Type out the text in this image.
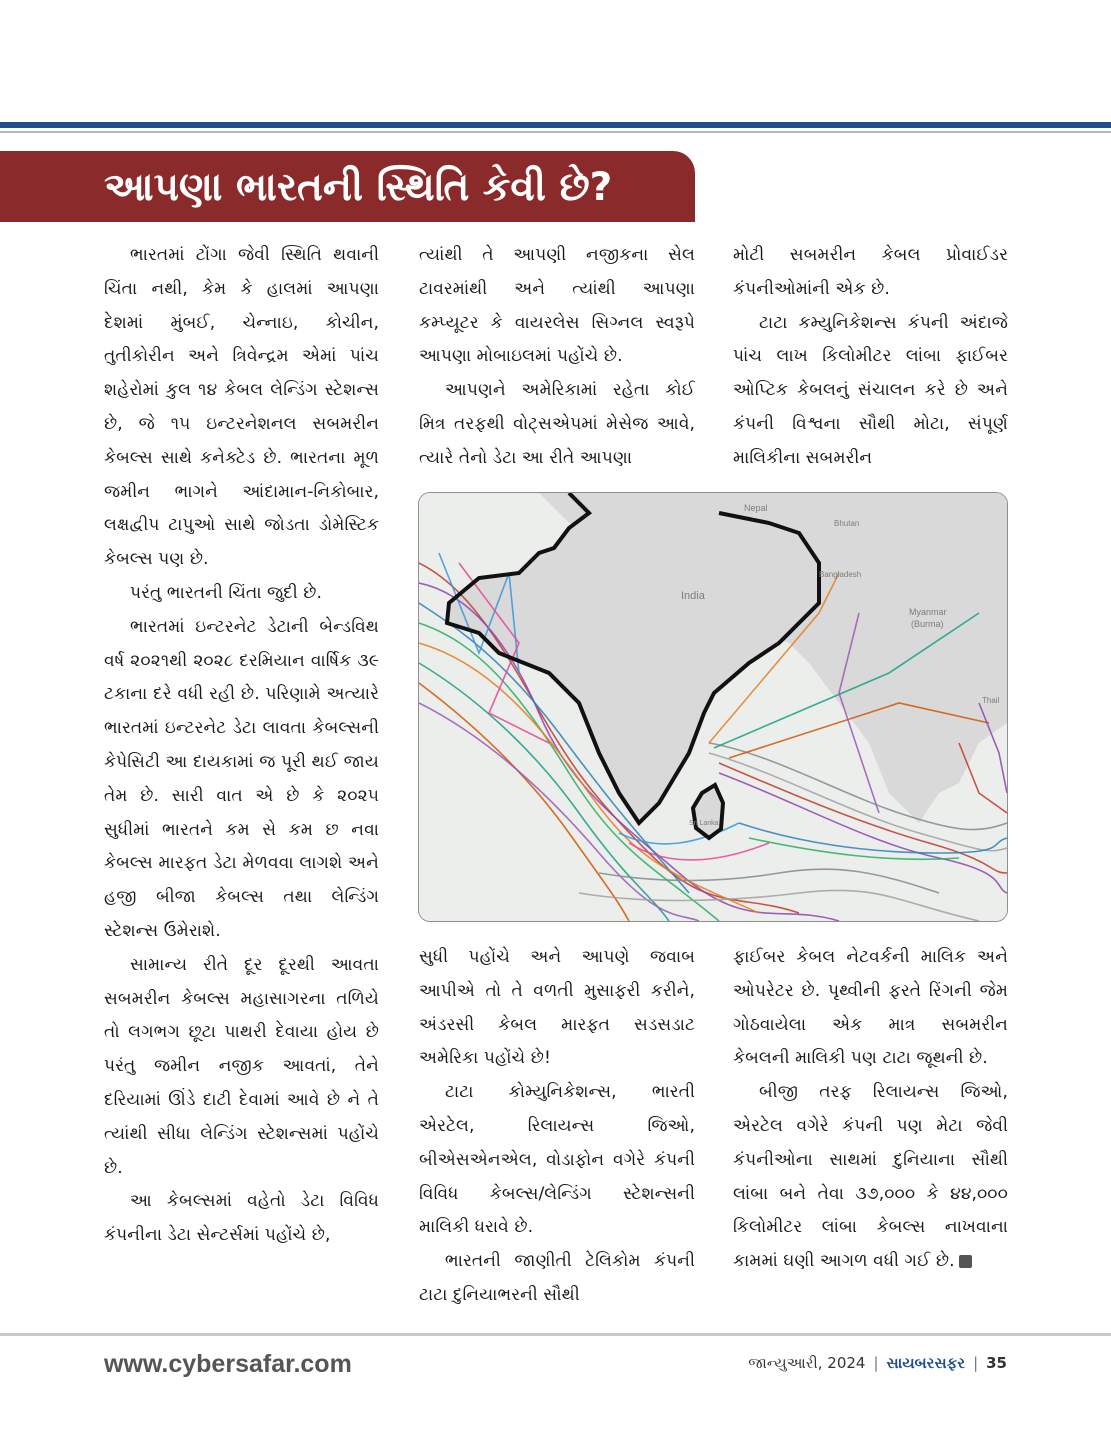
આપણા ભારતની સ્થિતિ કેવી છે?

ભારતમાં ટોંગા જેવી સ્થિતિ થવાની ચિંતા નથી, કેમ કે હાલમાં આપણા દેશમાં મુંબઈ, ચેન્નાઇ, કોચીન, તુતીકોરીન અને ત્રિવેન્દ્રમ એમાં પાંચ શહેરોમાં કુલ ૧૪ કેબલ લેન્ડિંગ સ્ટેશન્સ છે, જે ૧૫ ઇન્ટરનેશનલ સબમરીન કેબલ્સ સાથે કનેક્ટેડ છે. ભારતના મૂળ જમીન ભાગને આંદામાન-નિકોબાર, લક્ષદ્વીપ ટાપુઓ સાથે જોડતા ડોમેસ્ટિક કેબલ્સ પણ છે.

પરંતુ ભારતની ચિંતા જુદી છે.

ભારતમાં ઇન્ટરનેટ ડેટાની બેન્ડવિથ વર્ષ ૨૦૨૧થી ૨૦૨૮ દરમિયાન વાર્ષિક ૩૯ ટકાના દરે વધી રહી છે. પરિણામે અત્યારે ભારતમાં ઇન્ટરનેટ ડેટા લાવતા કેબલ્સની કેપેસિટી આ દાયકામાં જ પૂરી થઈ જાય તેમ છે. સારી વાત એ છે કે ૨૦૨૫ સુધીમાં ભારતને કમ સે કમ છ નવા કેબલ્સ મારફત ડેટા મેળવવા લાગશે અને હજી બીજા કેબલ્સ તથા લેન્ડિંગ સ્ટેશન્સ ઉમેરાશે.

સામાન્ય રીતે દૂર દૂરથી આવતા સબમરીન કેબલ્સ મહાસાગરના તળિયે તો લગભગ છૂટા પાથરી દેવાયા હોય છે પરંતુ જમીન નજીક આવતાં, તેને દરિયામાં ઊંડે દાટી દેવામાં આવે છે ને તે ત્યાંથી સીધા લેન્ડિંગ સ્ટેશન્સમાં પહોંચે છે.

આ કેબલ્સમાં વહેતો ડેટા વિવિધ કંપનીના ડેટા સેન્ટર્સમાં પહોંચે છે,

ત્યાંથી તે આપણી નજીકના સેલ ટાવરમાંથી અને ત્યાંથી આપણા કમ્પ્યૂટર કે વાયરલેસ સિગ્નલ સ્વરૂપે આપણા મોબાઇલમાં પહોંચે છે.

આપણને અમેરિકામાં રહેતા કોઈ મિત્ર તરફથી વોટ્સએપમાં મેસેજ આવે, ત્યારે તેનો ડેટા આ રીતે આપણા

મોટી સબમરીન કેબલ પ્રોવાઈડર કંપનીઓમાંની એક છે.

ટાટા કમ્યુનિકેશન્સ કંપની અંદાજે પાંચ લાખ કિલોમીટર લાંબા ફાઈબર ઓપ્ટિક કેબલનું સંચાલન કરે છે અને કંપની વિશ્વના સૌથી મોટા, સંપૂર્ણ માલિકીના સબમરીન

India
Nepal
Bhutan
Bangladesh
Myanmar
(Burma)
Thail
Sri Lanka

સુધી પહોંચે અને આપણે જવાબ આપીએ તો તે વળતી મુસાફરી કરીને, અંડરસી કેબલ મારફત સડસડાટ અમેરિકા પહોંચે છે!

ટાટા કોમ્યુનિકેશન્સ, ભારતી એરટેલ, રિલાયન્સ જિઓ, બીએસએનએલ, વોડાફોન વગેરે કંપની વિવિધ કેબલ્સ/લેન્ડિંગ સ્ટેશન્સની માલિકી ધરાવે છે.

ભારતની જાણીતી ટેલિકોમ કંપની ટાટા દુનિયાભરની સૌથી

ફાઈબર કેબલ નેટવર્કની માલિક અને ઓપરેટર છે. પૃથ્વીની ફરતે રિંગની જેમ ગોઠવાયેલા એક માત્ર સબમરીન કેબલની માલિકી પણ ટાટા જૂથની છે.

બીજી તરફ રિલાયન્સ જિઓ, એરટેલ વગેરે કંપની પણ મેટા જેવી કંપનીઓના સાથમાં દુનિયાના સૌથી લાંબા બને તેવા ૩૭,૦૦૦ કે ૪૪,૦૦૦ કિલોમીટર લાંબા કેબલ્સ નાખવાના કામમાં ઘણી આગળ વધી ગઈ છે.

www.cybersafar.com	જાન્યુઆરી, 2024 | સાયબરસફર | 35
